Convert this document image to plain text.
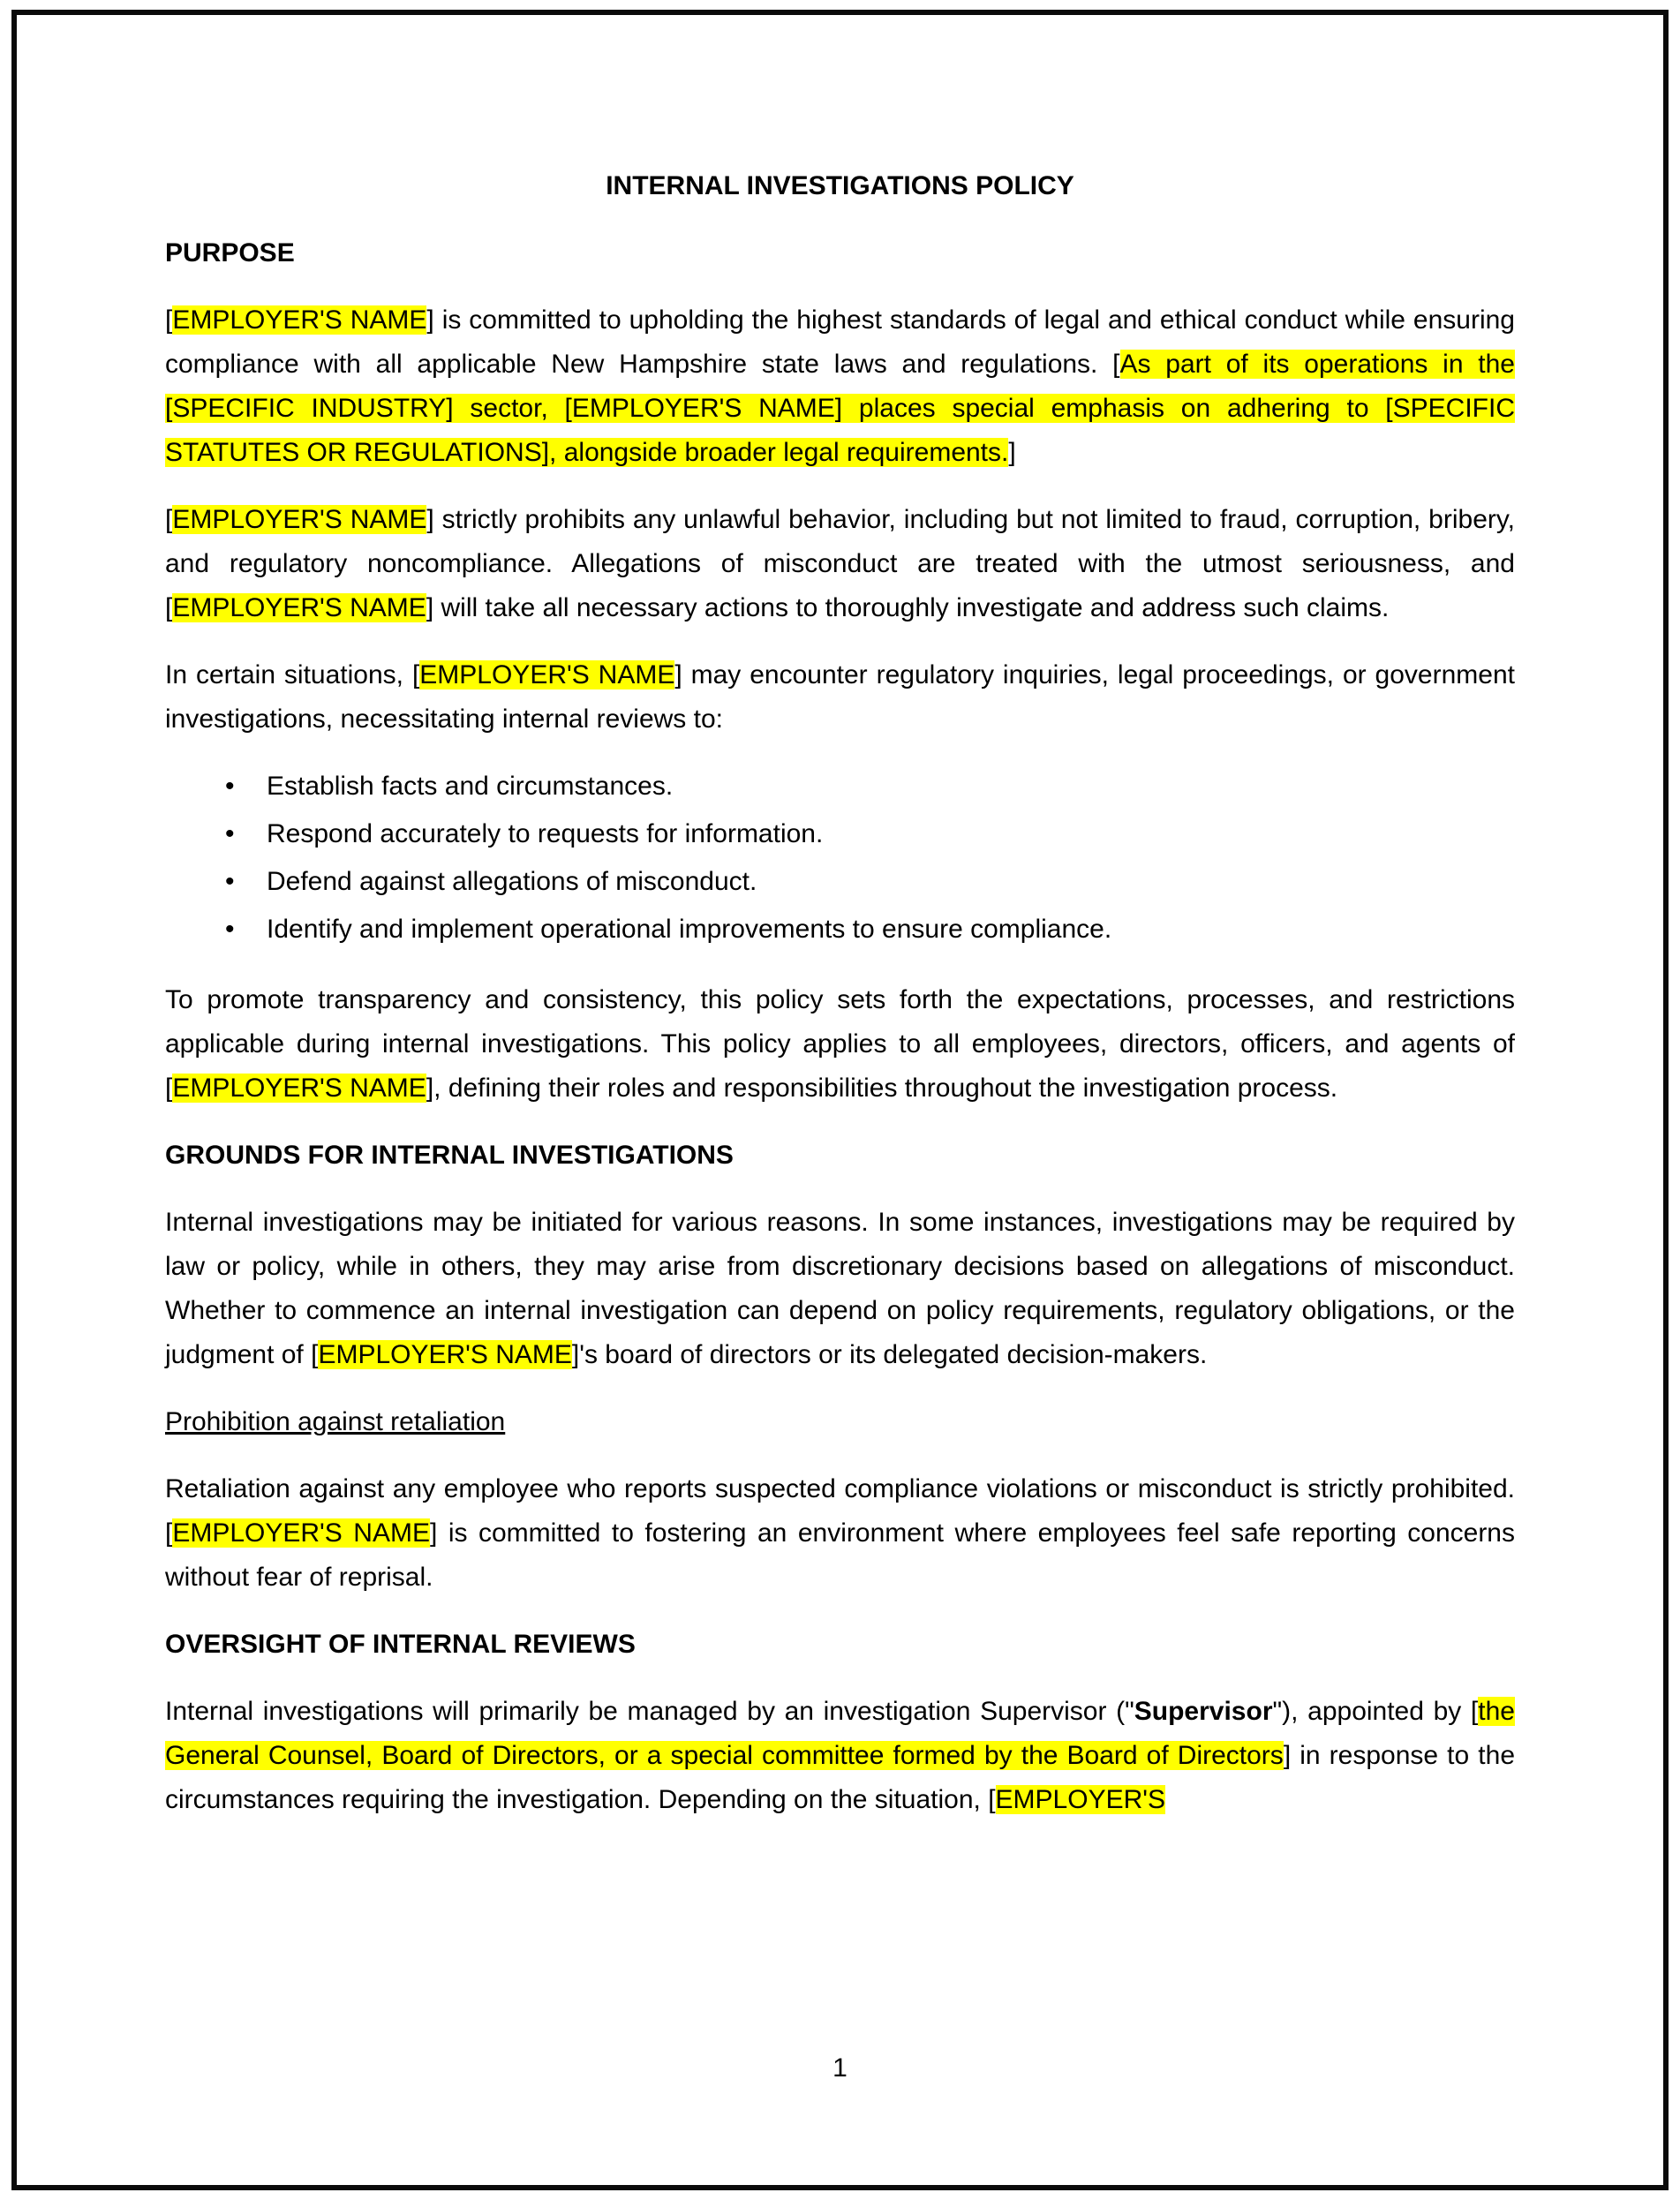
INTERNAL INVESTIGATIONS POLICY

PURPOSE

[EMPLOYER'S NAME] is committed to upholding the highest standards of legal and ethical conduct while ensuring compliance with all applicable New Hampshire state laws and regulations. [As part of its operations in the [SPECIFIC INDUSTRY] sector, [EMPLOYER'S NAME] places special emphasis on adhering to [SPECIFIC STATUTES OR REGULATIONS], alongside broader legal requirements.]

[EMPLOYER'S NAME] strictly prohibits any unlawful behavior, including but not limited to fraud, corruption, bribery, and regulatory noncompliance. Allegations of misconduct are treated with the utmost seriousness, and [EMPLOYER'S NAME] will take all necessary actions to thoroughly investigate and address such claims.

In certain situations, [EMPLOYER'S NAME] may encounter regulatory inquiries, legal proceedings, or government investigations, necessitating internal reviews to:

• Establish facts and circumstances.
• Respond accurately to requests for information.
• Defend against allegations of misconduct.
• Identify and implement operational improvements to ensure compliance.

To promote transparency and consistency, this policy sets forth the expectations, processes, and restrictions applicable during internal investigations. This policy applies to all employees, directors, officers, and agents of [EMPLOYER'S NAME], defining their roles and responsibilities throughout the investigation process.

GROUNDS FOR INTERNAL INVESTIGATIONS

Internal investigations may be initiated for various reasons. In some instances, investigations may be required by law or policy, while in others, they may arise from discretionary decisions based on allegations of misconduct. Whether to commence an internal investigation can depend on policy requirements, regulatory obligations, or the judgment of [EMPLOYER'S NAME]'s board of directors or its delegated decision-makers.

Prohibition against retaliation

Retaliation against any employee who reports suspected compliance violations or misconduct is strictly prohibited. [EMPLOYER'S NAME] is committed to fostering an environment where employees feel safe reporting concerns without fear of reprisal.

OVERSIGHT OF INTERNAL REVIEWS

Internal investigations will primarily be managed by an investigation Supervisor ("Supervisor"), appointed by [the General Counsel, Board of Directors, or a special committee formed by the Board of Directors] in response to the circumstances requiring the investigation. Depending on the situation, [EMPLOYER'S

1
